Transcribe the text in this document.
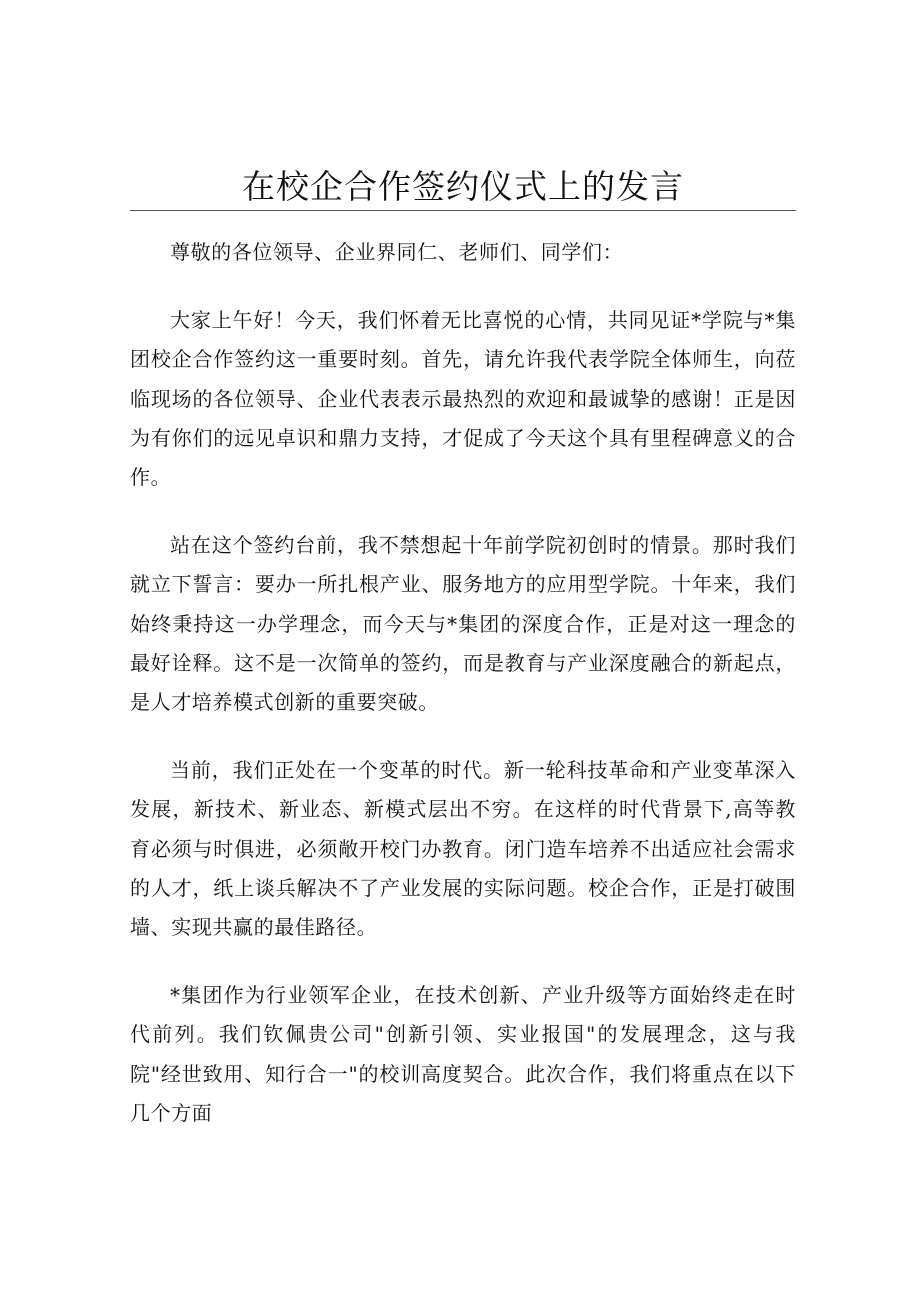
在校企合作签约仪式上的发言

尊敬的各位领导、企业界同仁、老师们、同学们：

大家上午好！今天，我们怀着无比喜悦的心情，共同见证*学院与*集团校企合作签约这一重要时刻。首先，请允许我代表学院全体师生，向莅临现场的各位领导、企业代表表示最热烈的欢迎和最诚挚的感谢！正是因为有你们的远见卓识和鼎力支持，才促成了今天这个具有里程碑意义的合作。

站在这个签约台前，我不禁想起十年前学院初创时的情景。那时我们就立下誓言：要办一所扎根产业、服务地方的应用型学院。十年来，我们始终秉持这一办学理念，而今天与*集团的深度合作，正是对这一理念的最好诠释。这不是一次简单的签约，而是教育与产业深度融合的新起点，是人才培养模式创新的重要突破。

当前，我们正处在一个变革的时代。新一轮科技革命和产业变革深入发展，新技术、新业态、新模式层出不穷。在这样的时代背景下,高等教育必须与时俱进，必须敞开校门办教育。闭门造车培养不出适应社会需求的人才，纸上谈兵解决不了产业发展的实际问题。校企合作，正是打破围墙、实现共赢的最佳路径。

*集团作为行业领军企业，在技术创新、产业升级等方面始终走在时代前列。我们钦佩贵公司"创新引领、实业报国"的发展理念，这与我院"经世致用、知行合一"的校训高度契合。此次合作，我们将重点在以下几个方面
